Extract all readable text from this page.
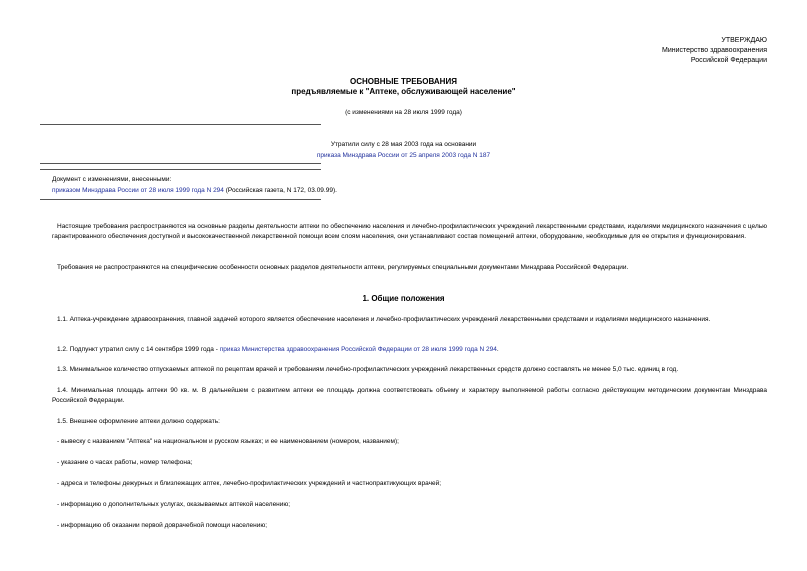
УТВЕРЖДАЮ
Министерство здравоохранения
Российской Федерации
ОСНОВНЫЕ ТРЕБОВАНИЯ
предъявляемые к "Аптеке, обслуживающей население"
(с изменениями на 28 июля 1999 года)
Утратили силу с 28 мая 2003 года на основании
приказа Минздрава России от 25 апреля 2003 года N 187
Документ с изменениями, внесенными:
приказом Минздрава России от 28 июля 1999 года N 294 (Российская газета, N 172, 03.09.99).
Настоящие требования распространяются на основные разделы деятельности аптеки по обеспечению населения и лечебно-профилактических учреждений лекарственными средствами, изделиями медицинского назначения с целью гарантированного обеспечения доступной и высококачественной лекарственной помощи всем слоям населения, они устанавливают состав помещений аптеки, оборудование, необходимые для ее открытия и функционирования.
Требования не распространяются на специфические особенности основных разделов деятельности аптеки, регулируемых специальными документами Минздрава Российской Федерации.
1. Общие положения
1.1. Аптека-учреждение здравоохранения, главной задачей которого является обеспечение населения и лечебно-профилактических учреждений лекарственными средствами и изделиями медицинского назначения.
1.2. Подпункт утратил силу с 14 сентября 1999 года - приказ Министерства здравоохранения Российской Федерации от 28 июля 1999 года N 294.
1.3. Минимальное количество отпускаемых аптекой по рецептам врачей и требованиям лечебно-профилактических учреждений лекарственных средств должно составлять не менее 5,0 тыс. единиц в год.
1.4. Минимальная площадь аптеки 90 кв. м. В дальнейшем с развитием аптеки ее площадь должна соответствовать объему и характеру выполняемой работы согласно действующим методическим документам Минздрава Российской Федерации.
1.5. Внешнее оформление аптеки должно содержать:
- вывеску с названием "Аптека" на национальном и русском языках; и ее наименованием (номером, названием);
- указание о часах работы, номер телефона;
- адреса и телефоны дежурных и близлежащих аптек, лечебно-профилактических учреждений и частнопрактикующих врачей;
- информацию о дополнительных услугах, оказываемых аптекой населению;
- информацию об оказании первой доврачебной помощи населению;
